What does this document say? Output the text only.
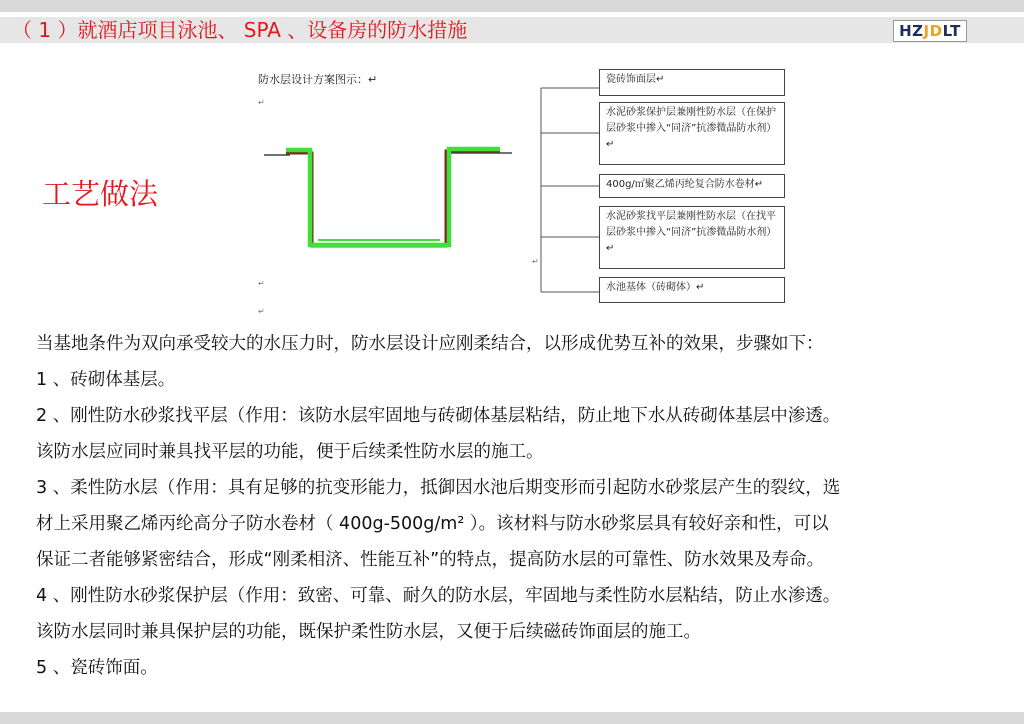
（ 1 ）就酒店项目泳池、 SPA 、设备房的防水措施	HZJDLT
工艺做法
防水层设计方案图示：↵
↵
↵
↵
↵
瓷砖饰面层↵
水泥砂浆保护层兼刚性防水层（在保护层砂浆中掺入“同济”抗渗微晶防水剂）↵
400g/㎡聚乙烯丙纶复合防水卷材↵
水泥砂浆找平层兼刚性防水层（在找平层砂浆中掺入“同济”抗渗微晶防水剂）↵
水池基体（砖砌体）↵
当基地条件为双向承受较大的水压力时，防水层设计应刚柔结合，以形成优势互补的效果，步骤如下：
1 、砖砌体基层。
2 、刚性防水砂浆找平层（作用：该防水层牢固地与砖砌体基层粘结，防止地下水从砖砌体基层中渗透。
该防水层应同时兼具找平层的功能，便于后续柔性防水层的施工。
3 、柔性防水层（作用：具有足够的抗变形能力，抵御因水池后期变形而引起防水砂浆层产生的裂纹，选
材上采用聚乙烯丙纶高分子防水卷材（ 400g-500g/m² ）。该材料与防水砂浆层具有较好亲和性，可以
保证二者能够紧密结合，形成“刚柔相济、性能互补”的特点，提高防水层的可靠性、防水效果及寿命。
4 、刚性防水砂浆保护层（作用：致密、可靠、耐久的防水层，牢固地与柔性防水层粘结，防止水渗透。
该防水层同时兼具保护层的功能，既保护柔性防水层，又便于后续磁砖饰面层的施工。
5 、瓷砖饰面。
